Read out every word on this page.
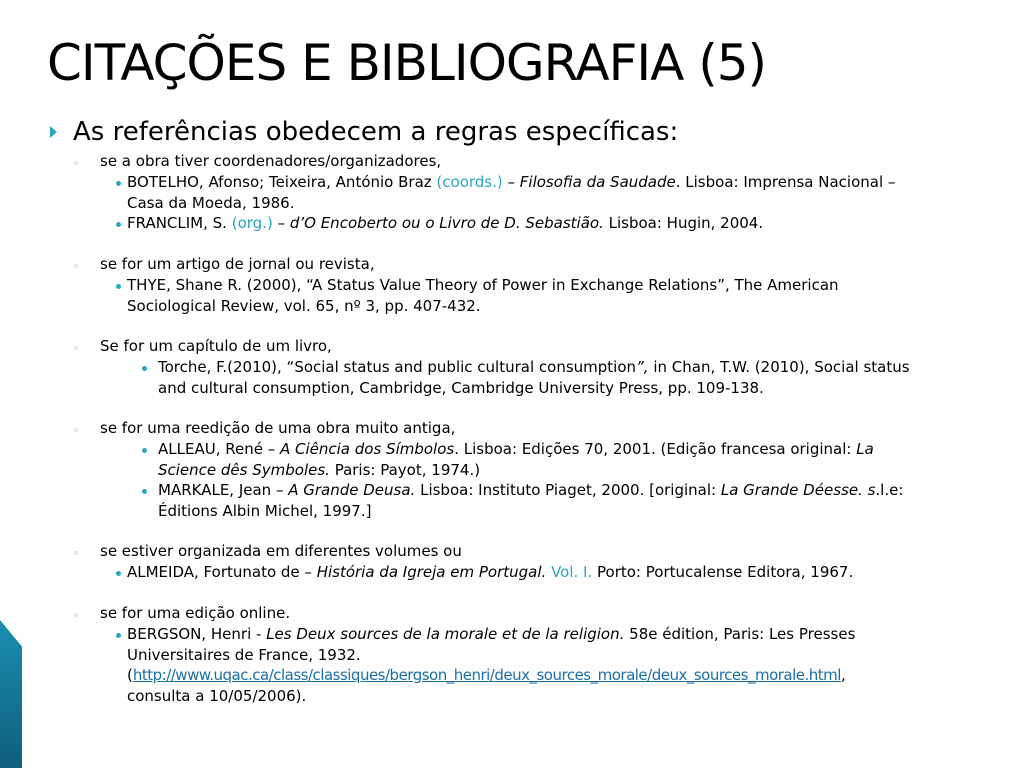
CITAÇÕES E BIBLIOGRAFIA (5)
As referências obedecem a regras específicas:
◦ se a obra tiver coordenadores/organizadores,
BOTELHO, Afonso; Teixeira, António Braz (coords.) – Filosofia da Saudade. Lisboa: Imprensa Nacional –
Casa da Moeda, 1986.
FRANCLIM, S. (org.) – d’O Encoberto ou o Livro de D. Sebastião. Lisboa: Hugin, 2004.
◦ se for um artigo de jornal ou revista,
THYE, Shane R. (2000), “A Status Value Theory of Power in Exchange Relations”, The American
Sociological Review, vol. 65, nº 3, pp. 407-432.
◦ Se for um capítulo de um livro,
Torche, F.(2010), “Social status and public cultural consumption”, in Chan, T.W. (2010), Social status
and cultural consumption, Cambridge, Cambridge University Press, pp. 109-138.
◦ se for uma reedição de uma obra muito antiga,
ALLEAU, René – A Ciência dos Símbolos. Lisboa: Edições 70, 2001. (Edição francesa original: La
Science dês Symboles. Paris: Payot, 1974.)
MARKALE, Jean – A Grande Deusa. Lisboa: Instituto Piaget, 2000. [original: La Grande Déesse. s.l.e:
Éditions Albin Michel, 1997.]
◦ se estiver organizada em diferentes volumes ou
ALMEIDA, Fortunato de – História da Igreja em Portugal. Vol. I. Porto: Portucalense Editora, 1967.
◦ se for uma edição online.
BERGSON, Henri - Les Deux sources de la morale et de la religion. 58e édition, Paris: Les Presses
Universitaires de France, 1932.
(http://www.uqac.ca/class/classiques/bergson_henri/deux_sources_morale/deux_sources_morale.html,
consulta a 10/05/2006).
